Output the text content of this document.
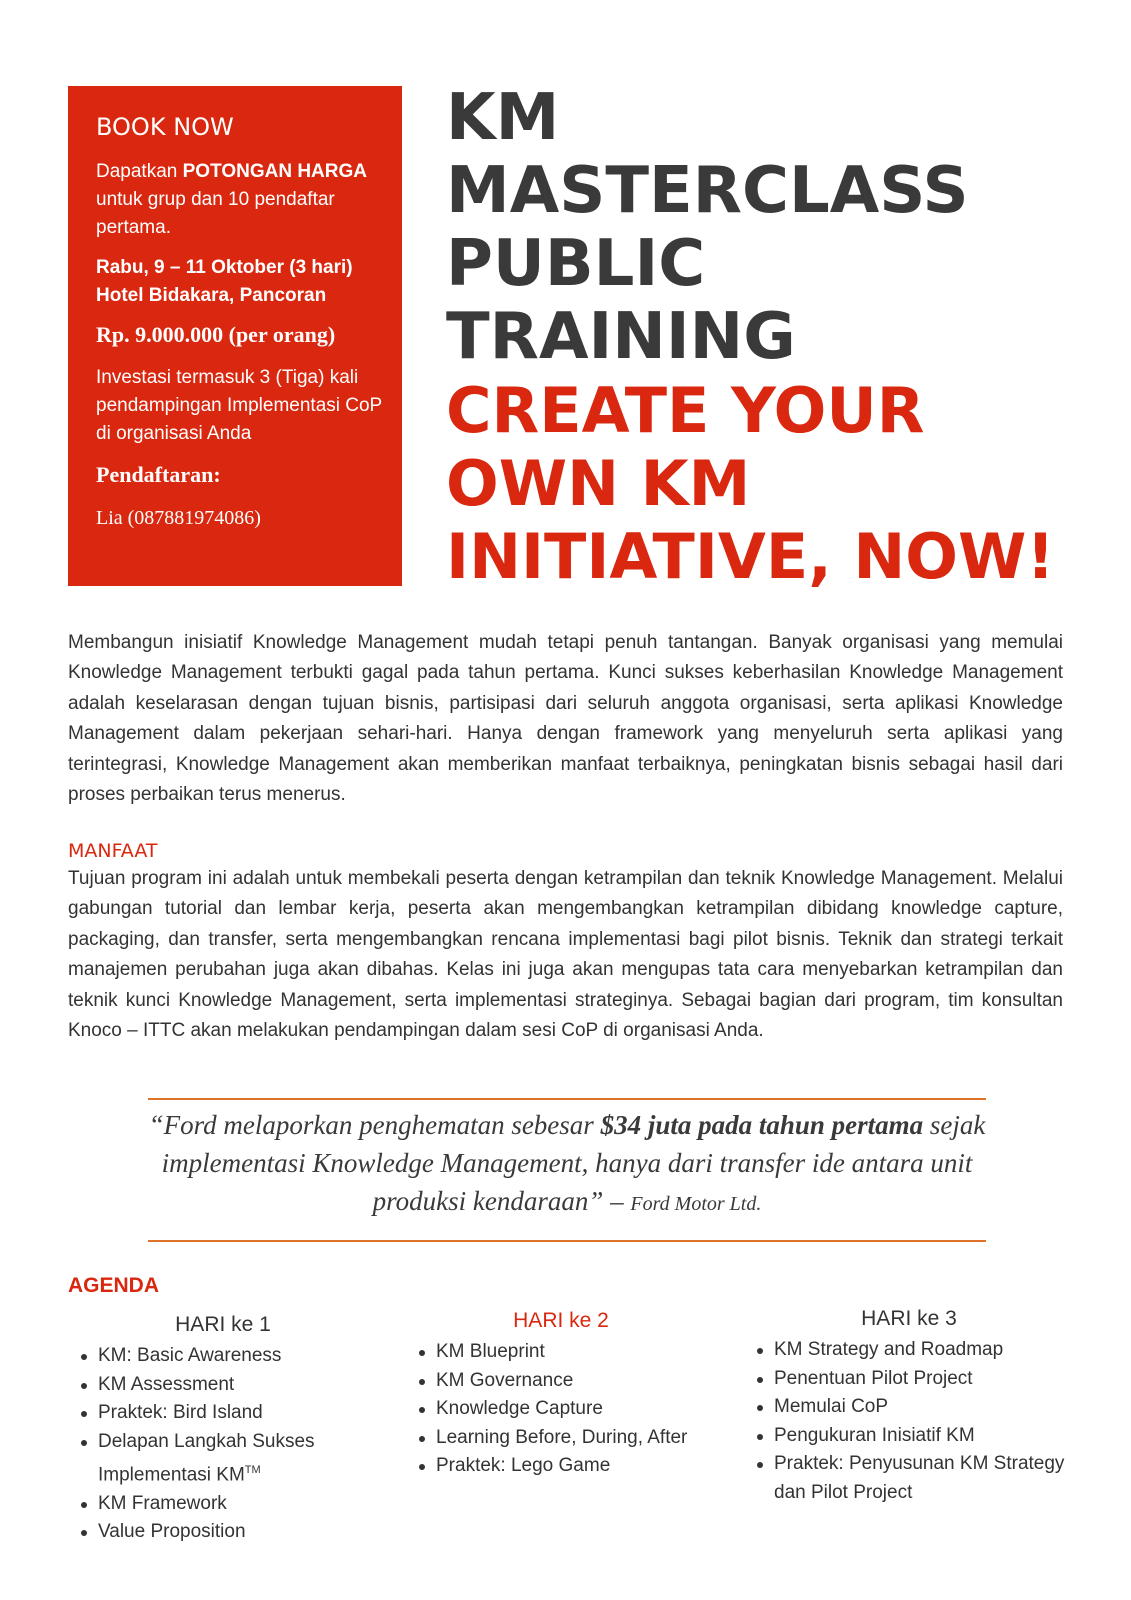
BOOK NOW

Dapatkan POTONGAN HARGA untuk grup dan 10 pendaftar pertama.

Rabu, 9 – 11 Oktober (3 hari)
Hotel Bidakara, Pancoran

Rp. 9.000.000 (per orang)

Investasi termasuk 3 (Tiga) kali pendampingan Implementasi CoP di organisasi Anda

Pendaftaran:

Lia (087881974086)

KM

MASTERCLASS

PUBLIC

TRAINING

CREATE YOUR

OWN KM

INITIATIVE, NOW!

Membangun inisiatif Knowledge Management mudah tetapi penuh tantangan. Banyak organisasi yang memulai Knowledge Management terbukti gagal pada tahun pertama. Kunci sukses keberhasilan Knowledge Management adalah keselarasan dengan tujuan bisnis, partisipasi dari seluruh anggota organisasi, serta aplikasi Knowledge Management dalam pekerjaan sehari-hari. Hanya dengan framework yang menyeluruh serta aplikasi yang terintegrasi, Knowledge Management akan memberikan manfaat terbaiknya, peningkatan bisnis sebagai hasil dari proses perbaikan terus menerus.

MANFAAT

Tujuan program ini adalah untuk membekali peserta dengan ketrampilan dan teknik Knowledge Management. Melalui gabungan tutorial dan lembar kerja, peserta akan mengembangkan ketrampilan dibidang knowledge capture, packaging, dan transfer, serta mengembangkan rencana implementasi bagi pilot bisnis. Teknik dan strategi terkait manajemen perubahan juga akan dibahas. Kelas ini juga akan mengupas tata cara menyebarkan ketrampilan dan teknik kunci Knowledge Management, serta implementasi strateginya. Sebagai bagian dari program, tim konsultan Knoco – ITTC akan melakukan pendampingan dalam sesi CoP di organisasi Anda.

“Ford melaporkan penghematan sebesar $34 juta pada tahun pertama sejak implementasi Knowledge Management, hanya dari transfer ide antara unit produksi kendaraan” – Ford Motor Ltd.

AGENDA

HARI ke 1

KM: Basic Awareness
KM Assessment
Praktek: Bird Island
Delapan Langkah Sukses Implementasi KM™
KM Framework
Value Proposition

HARI ke 2

KM Blueprint
KM Governance
Knowledge Capture
Learning Before, During, After
Praktek: Lego Game

HARI ke 3

KM Strategy and Roadmap
Penentuan Pilot Project
Memulai CoP
Pengukuran Inisiatif KM
Praktek: Penyusunan KM Strategy dan Pilot Project
